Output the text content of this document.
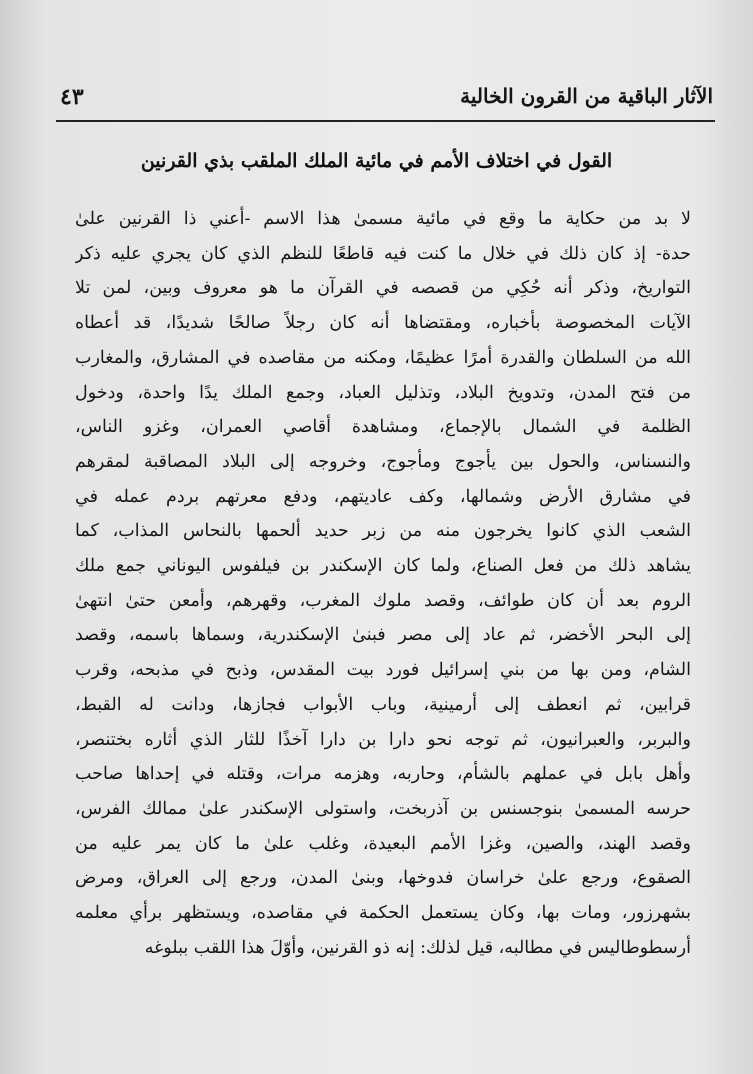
⁠ ⁠ ⁠ ⁠ ⁠
الآثار الباقية من القرون الخالية
٤٣
القول في اختلاف الأمم في مائية الملك الملقب بذي القرنين
لا بد من حكاية ما وقع في مائية مسمىٰ هذا الاسم -أعني ذا القرنين علىٰ
حدة- إذ كان ذلك في خلال ما كنت فيه قاطعًا للنظم الذي كان يجري عليه ذكر
التواريخ، وذكر أنه حُكِي من قصصه في القرآن ما هو معروف وبين، لمن تلا
الآيات المخصوصة بأخباره، ومقتضاها أنه كان رجلاً صالحًا شديدًا، قد أعطاه
الله من السلطان والقدرة أمرًا عظيمًا، ومكنه من مقاصده في المشارق، والمغارب
من فتح المدن، وتدويخ البلاد، وتذليل العباد، وجمع الملك يدًا واحدة، ودخول
الظلمة في الشمال بالإجماع، ومشاهدة أقاصي العمران، وغزو الناس،
والنسناس، والحول بين يأجوج ومأجوج، وخروجه إلى البلاد المصاقبة لمقرهم
في مشارق الأرض وشمالها، وكف عاديتهم، ودفع معرتهم بردم عمله في
الشعب الذي كانوا يخرجون منه من زبر حديد ألحمها بالنحاس المذاب، كما
يشاهد ذلك من فعل الصناع، ولما كان الإسكندر بن فيلفوس اليوناني جمع ملك
الروم بعد أن كان طوائف، وقصد ملوك المغرب، وقهرهم، وأمعن حتىٰ انتهىٰ
إلى البحر الأخضر، ثم عاد إلى مصر فبنىٰ الإسكندرية، وسماها باسمه، وقصد
الشام، ومن بها من بني إسرائيل فورد بيت المقدس، وذبح في مذبحه، وقرب
قرابين، ثم انعطف إلى أرمينية، وباب الأبواب فجازها، ودانت له القبط،
والبربر، والعبرانيون، ثم توجه نحو دارا بن دارا آخذًا للثار الذي أثاره بختنصر،
وأهل بابل في عملهم بالشأم، وحاربه، وهزمه مرات، وقتله في إحداها صاحب
حرسه المسمىٰ بنوجسنس بن آذربخت، واستولى الإسكندر علىٰ ممالك الفرس،
وقصد الهند، والصين، وغزا الأمم البعيدة، وغلب علىٰ ما كان يمر عليه من
الصقوع، ورجع علىٰ خراسان فدوخها، وبنىٰ المدن، ورجع إلى العراق، ومرض
بشهرزور، ومات بها، وكان يستعمل الحكمة في مقاصده، ويستظهر برأي معلمه
أرسطوطاليس في مطالبه، قيل لذلك: إنه ذو القرنين، وأوّلَ هذا اللقب ببلوغه
